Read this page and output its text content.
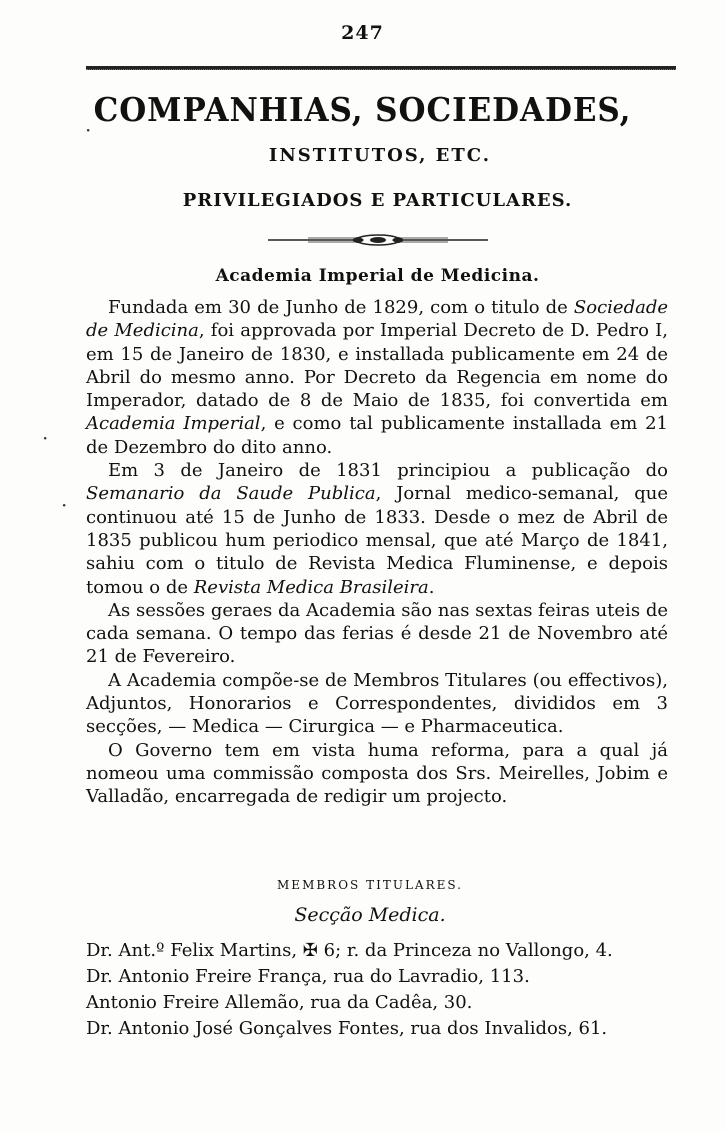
247
COMPANHIAS, SOCIEDADES,
INSTITUTOS, ETC.
PRIVILEGIADOS E PARTICULARES.
Academia Imperial de Medicina.

Fundada em 30 de Junho de 1829, com o titulo de Sociedade de Medicina, foi approvada por Imperial Decreto de D. Pedro I, em 15 de Janeiro de 1830, e installada publicamente em 24 de Abril do mesmo anno. Por Decreto da Regencia em nome do Imperador, datado de 8 de Maio de 1835, foi convertida em Academia Imperial, e como tal publicamente installada em 21 de Dezembro do dito anno.

Em 3 de Janeiro de 1831 principiou a publicação do Semanario da Saude Publica, Jornal medico-semanal, que continuou até 15 de Junho de 1833. Desde o mez de Abril de 1835 publicou hum periodico mensal, que até Março de 1841, sahiu com o titulo de Revista Medica Fluminense, e depois tomou o de Revista Medica Brasileira.

As sessões geraes da Academia são nas sextas feiras uteis de cada semana. O tempo das ferias é desde 21 de Novembro até 21 de Fevereiro.

A Academia compõe-se de Membros Titulares (ou effectivos), Adjuntos, Honorarios e Correspondentes, divididos em 3 secções, — Medica — Cirurgica — e Pharmaceutica.

O Governo tem em vista huma reforma, para a qual já nomeou uma commissão composta dos Srs. Meirelles, Jobim e Valladão, encarregada de redigir um projecto.

MEMBROS TITULARES.
Secção Medica.
Dr. Ant.º Felix Martins, ✠ 6; r. da Princeza no Vallongo, 4.
Dr. Antonio Freire França, rua do Lavradio, 113.
Antonio Freire Allemão, rua da Cadêa, 30.
Dr. Antonio José Gonçalves Fontes, rua dos Invalidos, 61.
·
·
·
